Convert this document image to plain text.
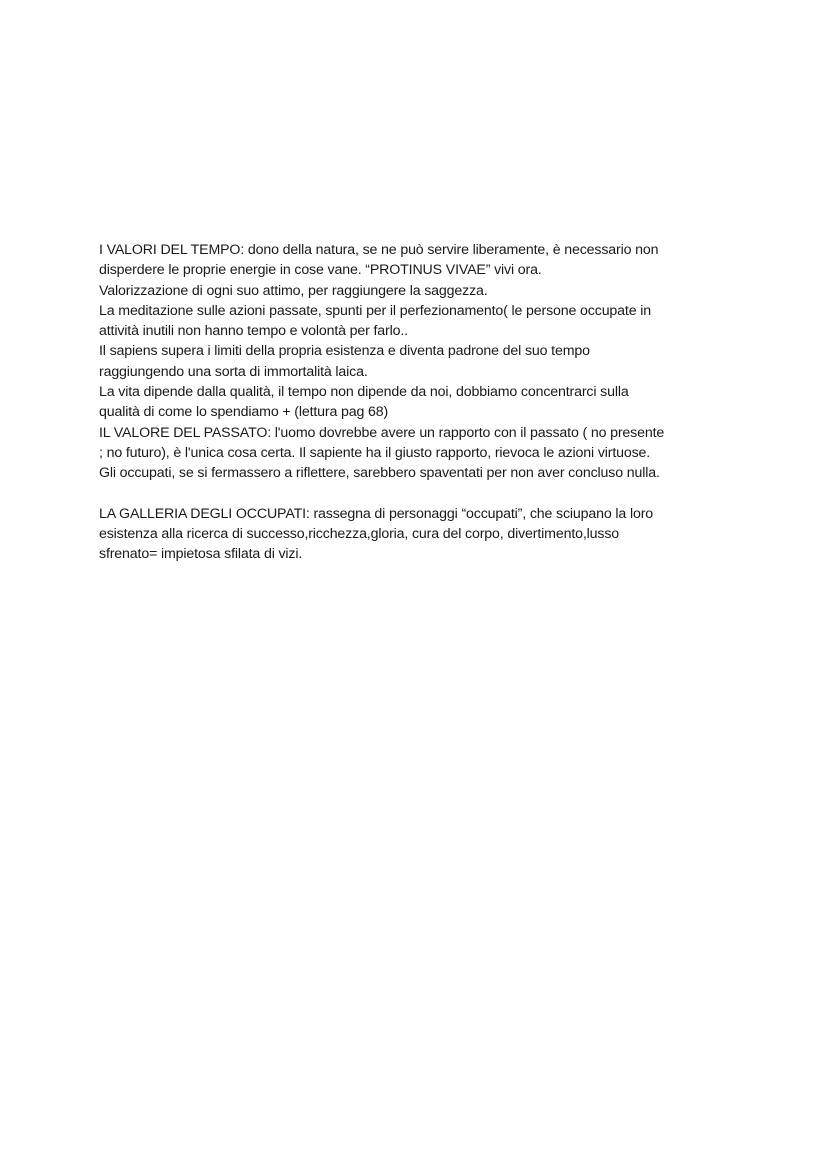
I VALORI DEL TEMPO: dono della natura, se ne può servire liberamente, è necessario non
disperdere le proprie energie in cose vane. “PROTINUS VIVAE” vivi ora.
Valorizzazione di ogni suo attimo, per raggiungere la saggezza.
La meditazione sulle azioni passate, spunti per il perfezionamento( le persone occupate in
attività inutili non hanno tempo e volontà per farlo..
Il sapiens supera i limiti della propria esistenza e diventa padrone del suo tempo
raggiungendo una sorta di immortalità laica.
La vita dipende dalla qualità, il tempo non dipende da noi, dobbiamo concentrarci sulla
qualità di come lo spendiamo + (lettura pag 68)
IL VALORE DEL PASSATO: l'uomo dovrebbe avere un rapporto con il passato ( no presente
; no futuro), è l'unica cosa certa. Il sapiente ha il giusto rapporto, rievoca le azioni virtuose.
Gli occupati, se si fermassero a riflettere, sarebbero spaventati per non aver concluso nulla.
LA GALLERIA DEGLI OCCUPATI: rassegna di personaggi “occupati”, che sciupano la loro
esistenza alla ricerca di successo,ricchezza,gloria, cura del corpo, divertimento,lusso
sfrenato= impietosa sfilata di vizi.
